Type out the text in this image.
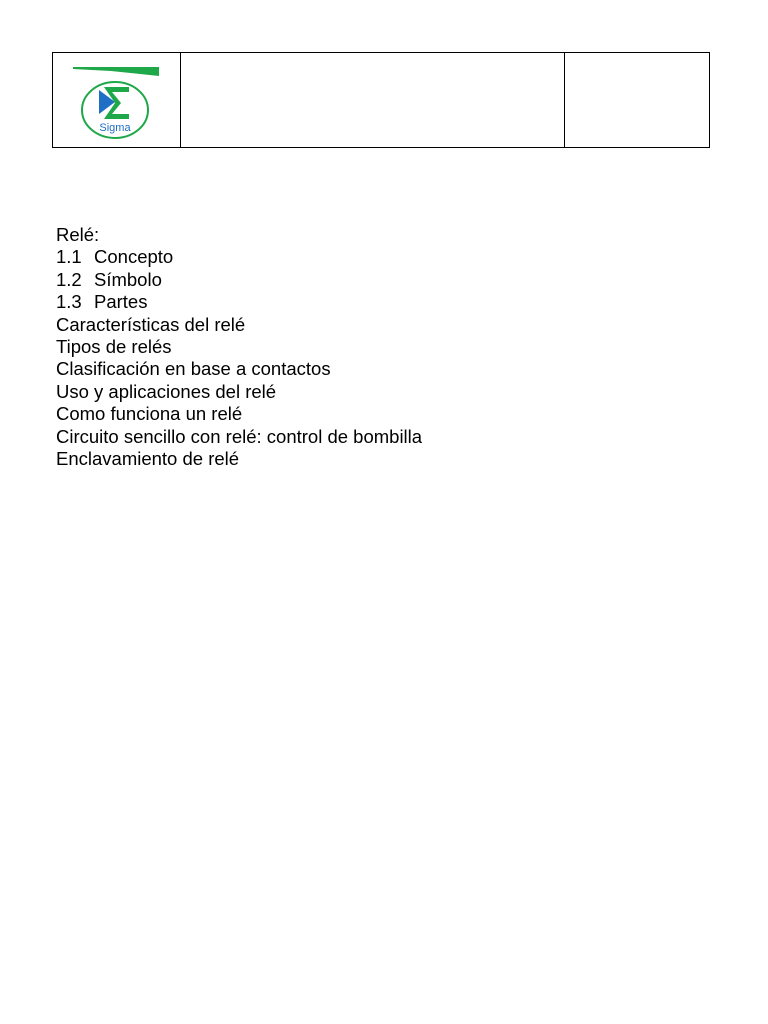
Sigma
Relé:
1.1 Concepto
1.2 Símbolo
1.3 Partes
Características del relé
Tipos de relés
Clasificación en base a contactos
Uso y aplicaciones del relé
Como funciona un relé
Circuito sencillo con relé: control de bombilla
Enclavamiento de relé
